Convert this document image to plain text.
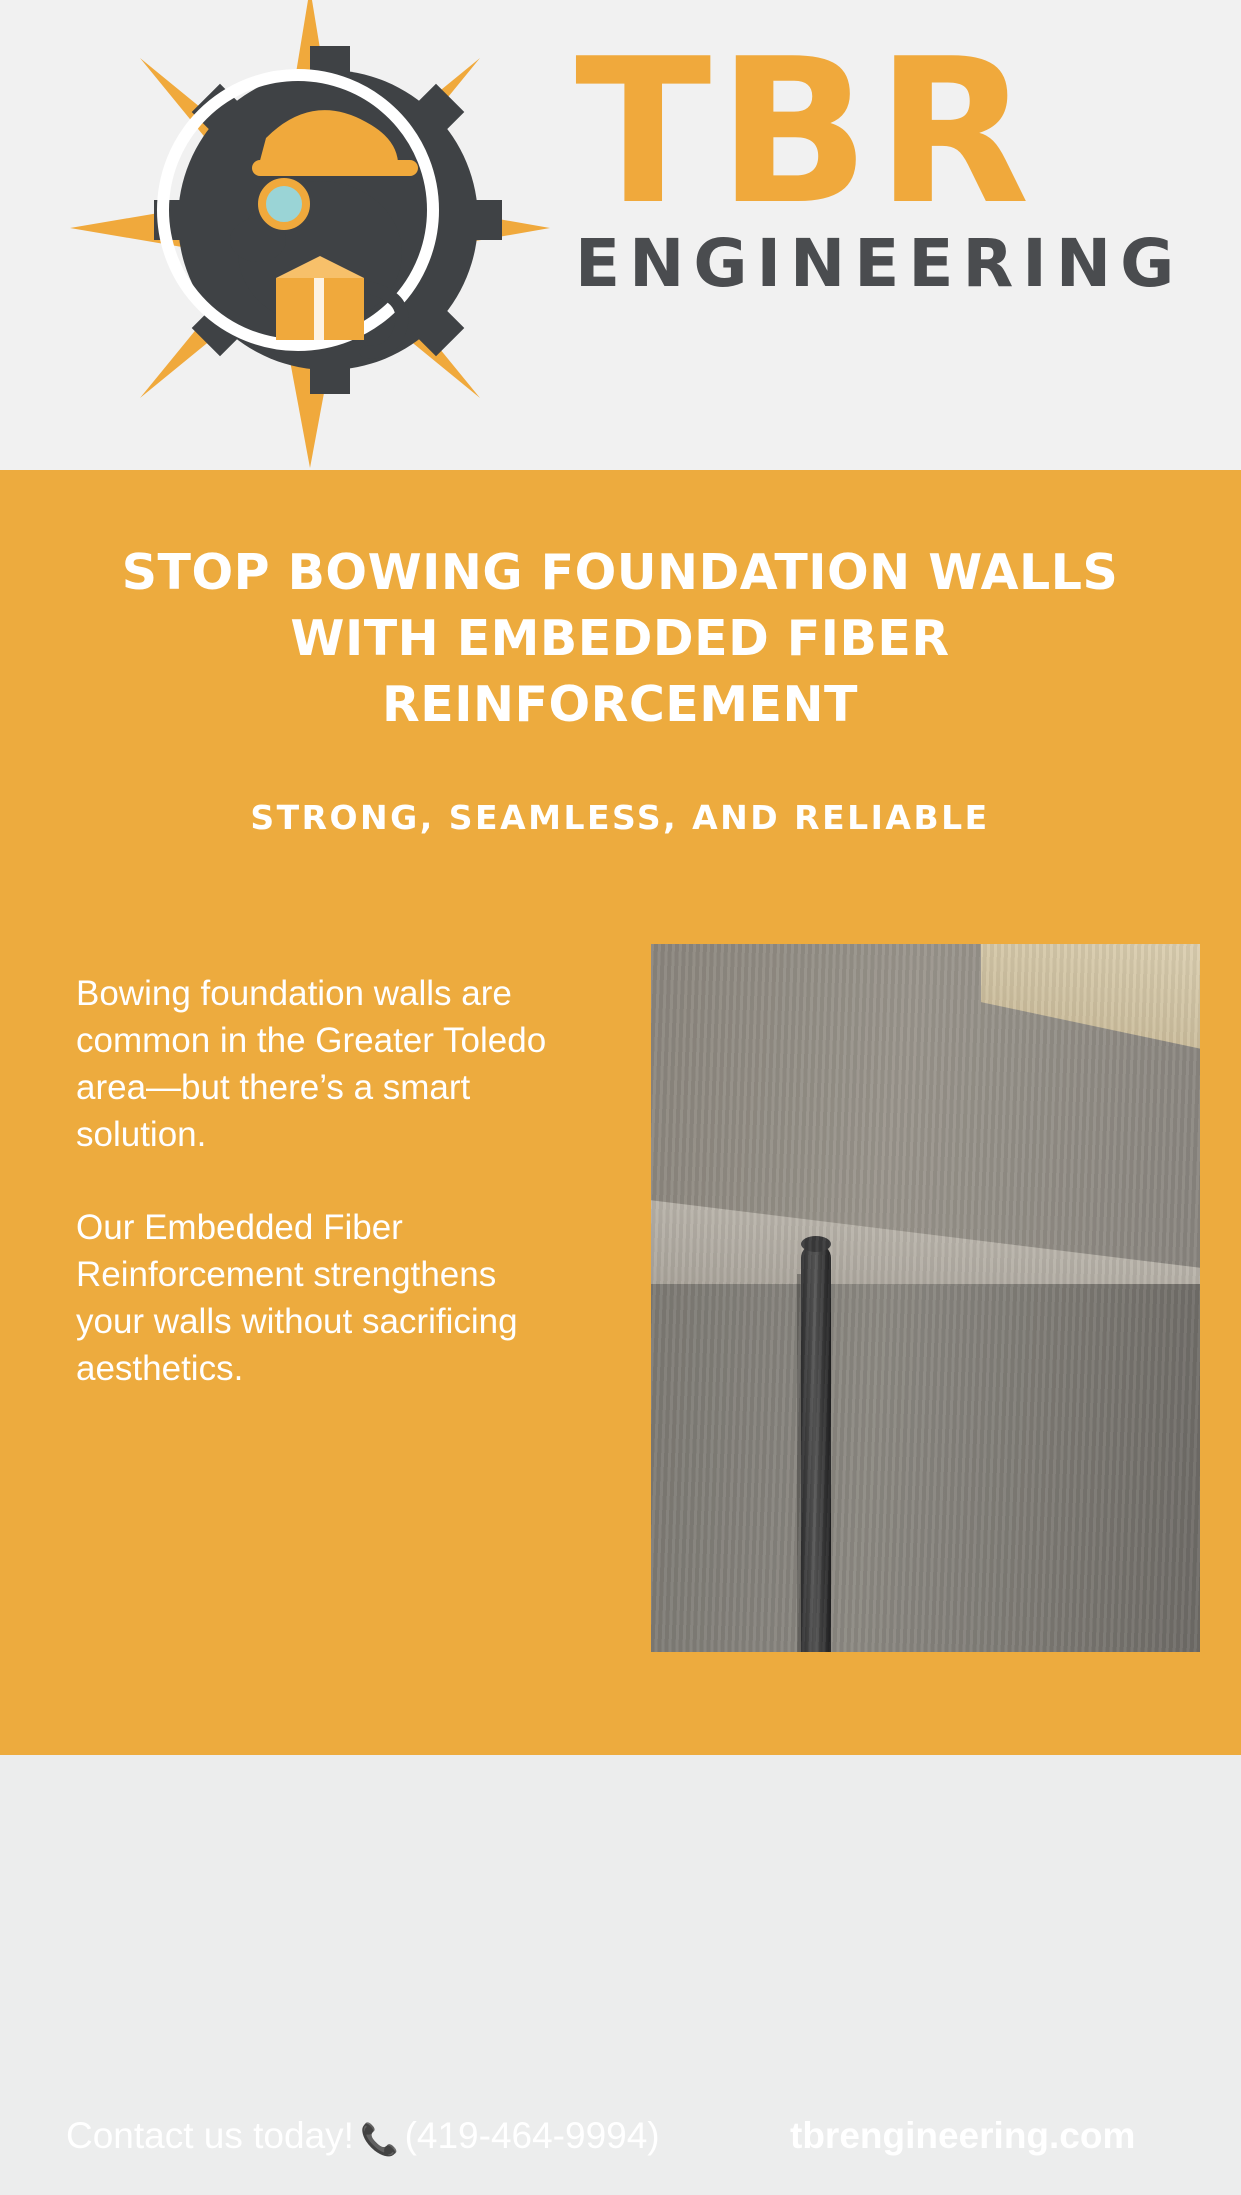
TBR
ENGINEERING
STOP BOWING FOUNDATION WALLS WITH EMBEDDED FIBER REINFORCEMENT
STRONG, SEAMLESS, AND RELIABLE

Bowing foundation walls are common in the Greater Toledo area—but there’s a smart solution.

Our Embedded Fiber Reinforcement strengthens your walls without sacrificing aesthetics.

Contact us today! 📞 (419-464-9994)	tbrengineering.com
